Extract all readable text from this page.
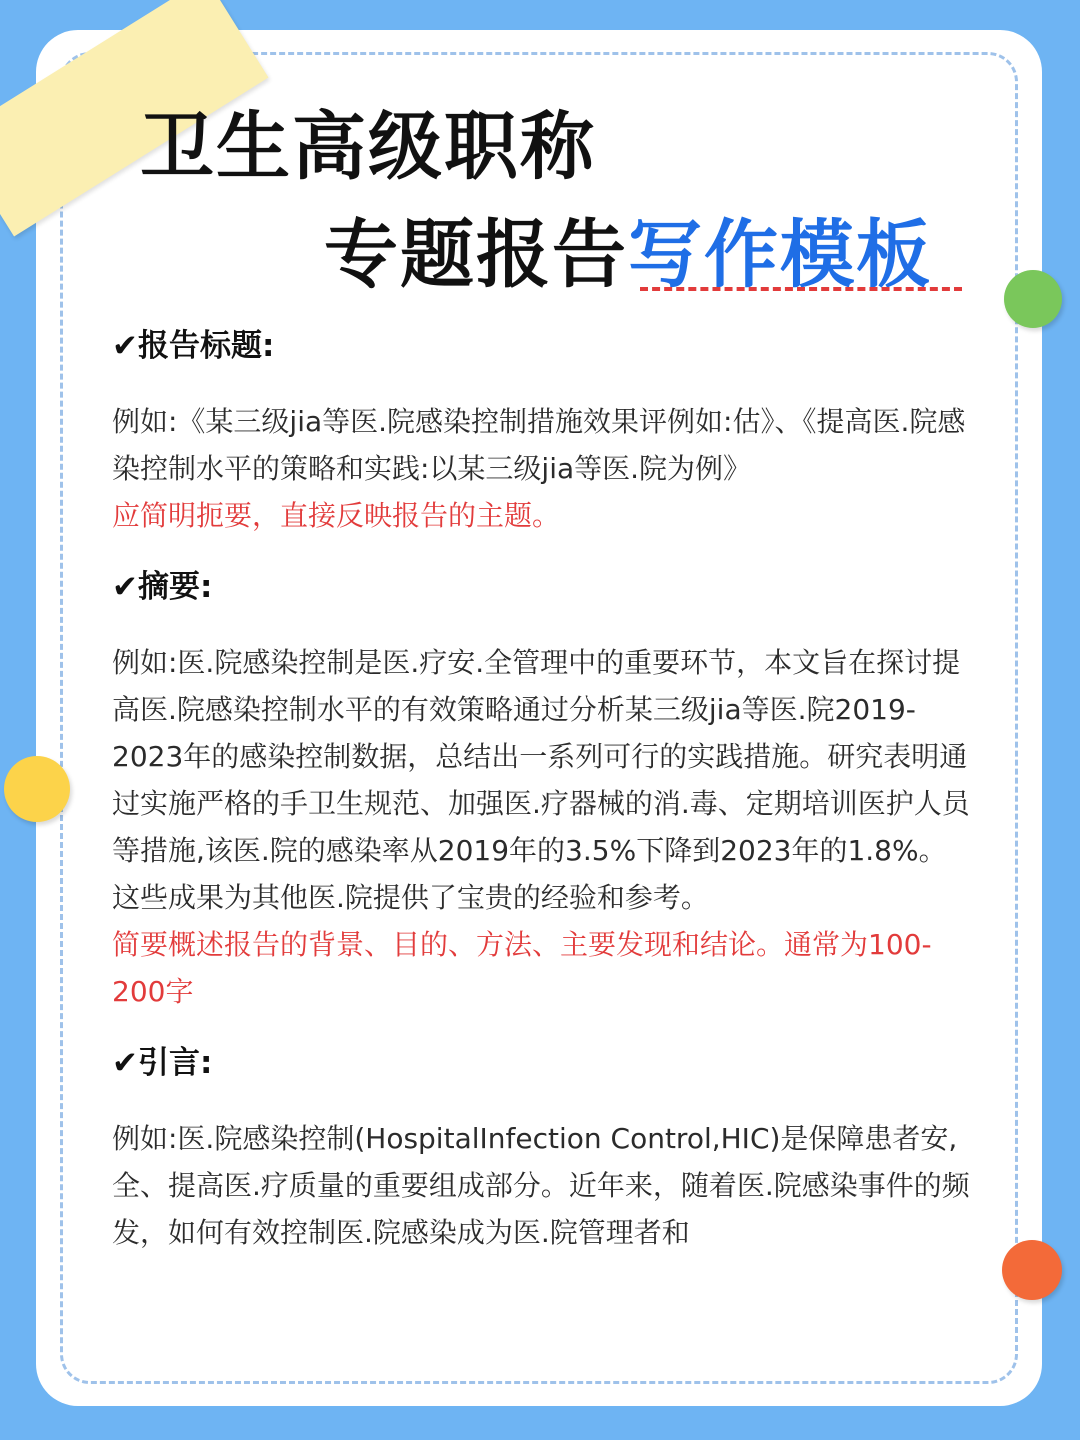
卫生高级职称
专题报告写作模板
✔报告标题:

例如:《某三级jia等医.院感染控制措施效果评例如:估》、《提高医.院感染控制水平的策略和实践:以某三级jia等医.院为例》

应简明扼要，直接反映报告的主题。

✔摘要:

例如:医.院感染控制是医.疗安.全管理中的重要环节，本文旨在探讨提高医.院感染控制水平的有效策略通过分析某三级jia等医.院2019-2023年的感染控制数据，总结出一系列可行的实践措施。研究表明通过实施严格的手卫生规范、加强医.疗器械的消.毒、定期培训医护人员等措施,该医.院的感染率从2019年的3.5%下降到2023年的1.8%。这些成果为其他医.院提供了宝贵的经验和参考。

简要概述报告的背景、目的、方法、主要发现和结论。通常为100-200字

✔引言:

例如:医.院感染控制(HospitalInfection Control,HIC)是保障患者安,全、提高医.疗质量的重要组成部分。近年来，随着医.院感染事件的频发，如何有效控制医.院感染成为医.院管理者和
